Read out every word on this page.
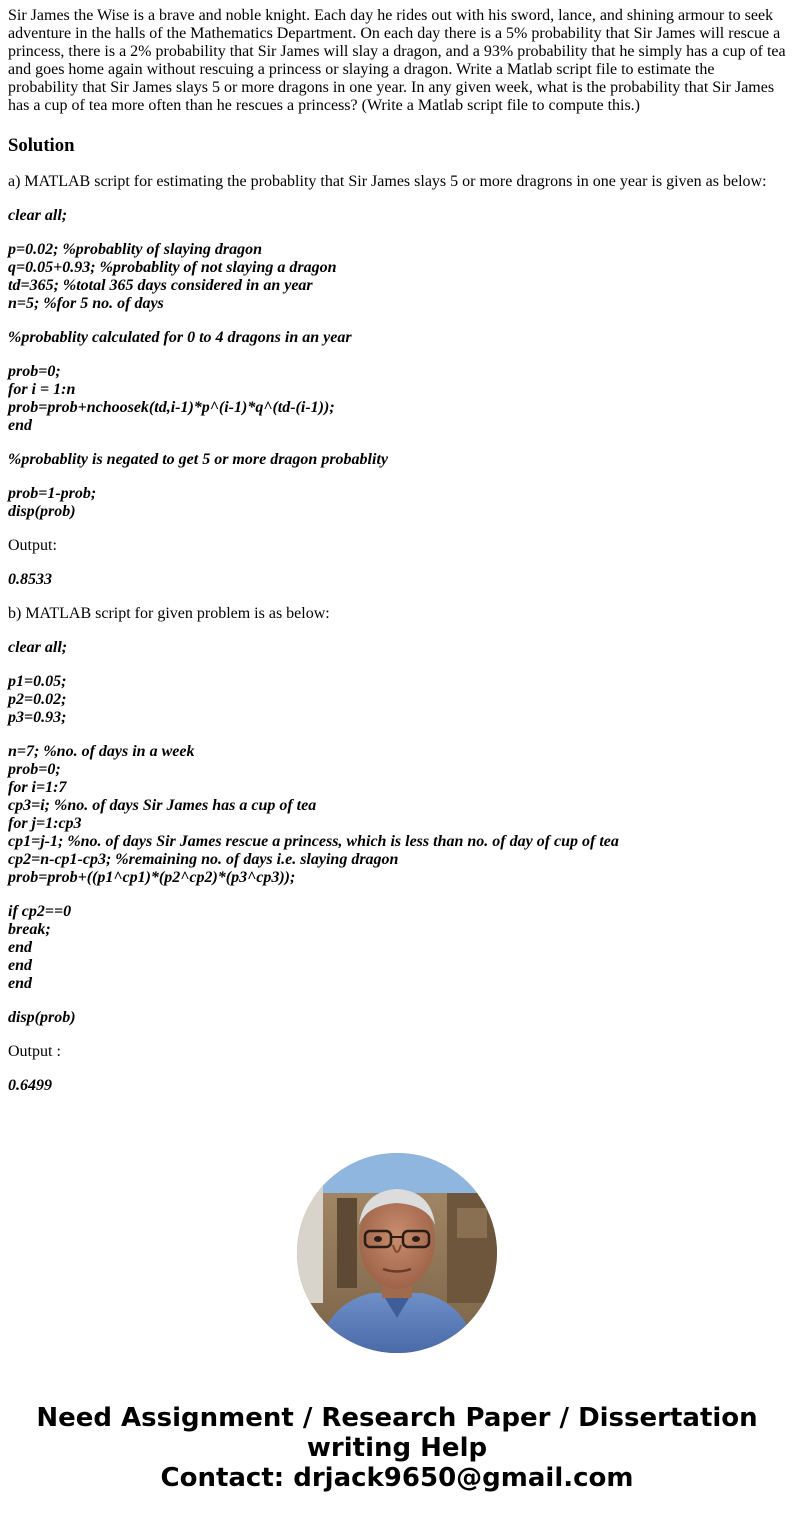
Sir James the Wise is a brave and noble knight. Each day he rides out with his sword, lance, and shining armour to seek adventure in the halls of the Mathematics Department. On each day there is a 5% probability that Sir James will rescue a princess, there is a 2% probability that Sir James will slay a dragon, and a 93% probability that he simply has a cup of tea and goes home again without rescuing a princess or slaying a dragon. Write a Matlab script file to estimate the probability that Sir James slays 5 or more dragons in one year. In any given week, what is the probability that Sir James has a cup of tea more often than he rescues a princess? (Write a Matlab script file to compute this.)

Solution

a) MATLAB script for estimating the probablity that Sir James slays 5 or more dragrons in one year is given as below:

clear all;

p=0.02; %probablity of slaying dragon
q=0.05+0.93; %probablity of not slaying a dragon
td=365; %total 365 days considered in an year
n=5; %for 5 no. of days

%probablity calculated for 0 to 4 dragons in an year

prob=0;
for i = 1:n
prob=prob+nchoosek(td,i-1)*p^(i-1)*q^(td-(i-1));
end

%probablity is negated to get 5 or more dragon probablity

prob=1-prob;
disp(prob)

Output:

0.8533

b) MATLAB script for given problem is as below:

clear all;

p1=0.05;
p2=0.02;
p3=0.93;

n=7; %no. of days in a week
prob=0;
for i=1:7
cp3=i; %no. of days Sir James has a cup of tea
for j=1:cp3
cp1=j-1; %no. of days Sir James rescue a princess, which is less than no. of day of cup of tea
cp2=n-cp1-cp3; %remaining no. of days i.e. slaying dragon
prob=prob+((p1^cp1)*(p2^cp2)*(p3^cp3));

if cp2==0
break;
end
end
end

disp(prob)

Output :

0.6499

Need Assignment / Research Paper / Dissertation
writing Help
Contact: drjack9650@gmail.com
